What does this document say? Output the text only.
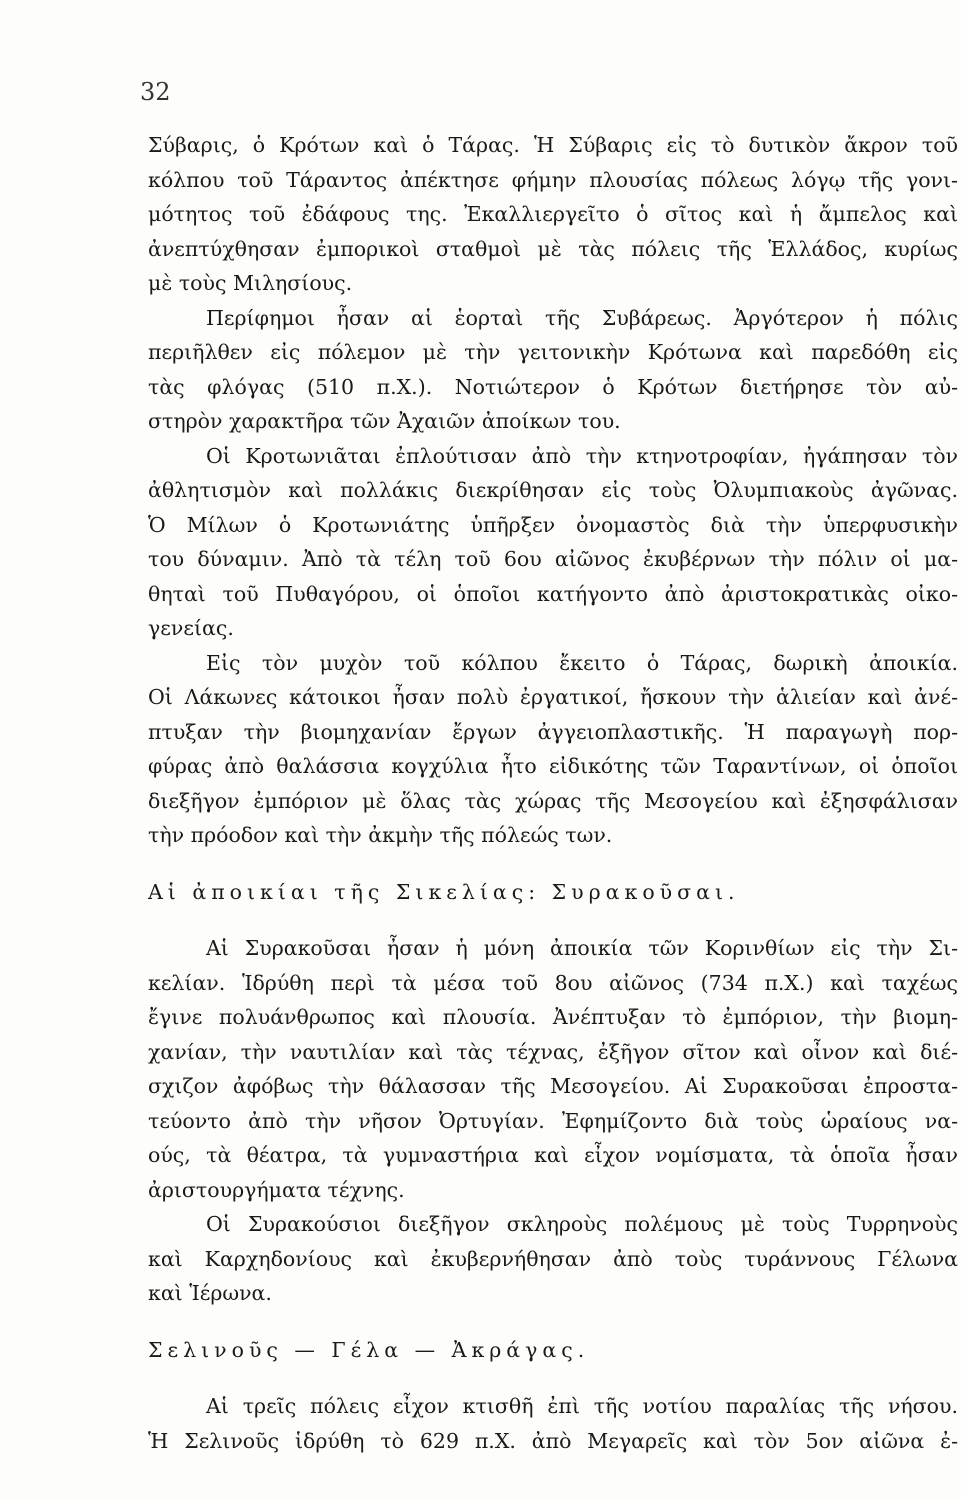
32
Σύβαρις, ὁ Κρότων καὶ ὁ Τάρας. Ἡ Σύβαρις εἰς τὸ δυτικὸν ἄκρον τοῦ
κόλπου τοῦ Τάραντος ἀπέκτησε φήμην πλουσίας πόλεως λόγῳ τῆς γονι-
μότητος τοῦ ἐδάφους της. Ἐκαλλιεργεῖτο ὁ σῖτος καὶ ἡ ἄμπελος καὶ
ἀνεπτύχθησαν ἐμπορικοὶ σταθμοὶ μὲ τὰς πόλεις τῆς Ἑλλάδος, κυρίως
μὲ τοὺς Μιλησίους.
Περίφημοι ἦσαν αἱ ἑορταὶ τῆς Συβάρεως. Ἀργότερον ἡ πόλις
περιῆλθεν εἰς πόλεμον μὲ τὴν γειτονικὴν Κρότωνα καὶ παρεδόθη εἰς
τὰς φλόγας (510 π.Χ.). Νοτιώτερον ὁ Κρότων διετήρησε τὸν αὐ-
στηρὸν χαρακτῆρα τῶν Ἀχαιῶν ἀποίκων του.
Οἱ Κροτωνιᾶται ἐπλούτισαν ἀπὸ τὴν κτηνοτροφίαν, ἠγάπησαν τὸν
ἀθλητισμὸν καὶ πολλάκις διεκρίθησαν εἰς τοὺς Ὀλυμπιακοὺς ἀγῶνας.
Ὁ Μίλων ὁ Κροτωνιάτης ὑπῆρξεν ὀνομαστὸς διὰ τὴν ὑπερφυσικὴν
του δύναμιν. Ἀπὸ τὰ τέλη τοῦ 6ου αἰῶνος ἐκυβέρνων τὴν πόλιν οἱ μα-
θηταὶ τοῦ Πυθαγόρου, οἱ ὁποῖοι κατήγοντο ἀπὸ ἀριστοκρατικὰς οἰκο-
γενείας.
Εἰς τὸν μυχὸν τοῦ κόλπου ἔκειτο ὁ Τάρας, δωρικὴ ἀποικία.
Οἱ Λάκωνες κάτοικοι ἦσαν πολὺ ἐργατικοί, ἤσκουν τὴν ἁλιείαν καὶ ἀνέ-
πτυξαν τὴν βιομηχανίαν ἔργων ἀγγειοπλαστικῆς. Ἡ παραγωγὴ πορ-
φύρας ἀπὸ θαλάσσια κογχύλια ἦτο εἰδικότης τῶν Ταραντίνων, οἱ ὁποῖοι
διεξῆγον ἐμπόριον μὲ ὅλας τὰς χώρας τῆς Μεσογείου καὶ ἐξησφάλισαν
τὴν πρόοδον καὶ τὴν ἀκμὴν τῆς πόλεώς των.
Αἱ ἀποικίαι τῆς Σικελίας: Συρακοῦσαι.
Αἱ Συρακοῦσαι ἦσαν ἡ μόνη ἀποικία τῶν Κορινθίων εἰς τὴν Σι-
κελίαν. Ἱδρύθη περὶ τὰ μέσα τοῦ 8ου αἰῶνος (734 π.Χ.) καὶ ταχέως
ἔγινε πολυάνθρωπος καὶ πλουσία. Ἀνέπτυξαν τὸ ἐμπόριον, τὴν βιομη-
χανίαν, τὴν ναυτιλίαν καὶ τὰς τέχνας, ἐξῆγον σῖτον καὶ οἶνον καὶ διέ-
σχιζον ἀφόβως τὴν θάλασσαν τῆς Μεσογείου. Αἱ Συρακοῦσαι ἐπροστα-
τεύοντο ἀπὸ τὴν νῆσον Ὀρτυγίαν. Ἐφημίζοντο διὰ τοὺς ὡραίους να-
ούς, τὰ θέατρα, τὰ γυμναστήρια καὶ εἶχον νομίσματα, τὰ ὁποῖα ἦσαν
ἀριστουργήματα τέχνης.
Οἱ Συρακούσιοι διεξῆγον σκληροὺς πολέμους μὲ τοὺς Τυρρηνοὺς
καὶ Καρχηδονίους καὶ ἐκυβερνήθησαν ἀπὸ τοὺς τυράννους Γέλωνα
καὶ Ἱέρωνα.
Σελινοῦς — Γέλα — Ἀκράγας.
Αἱ τρεῖς πόλεις εἶχον κτισθῆ ἐπὶ τῆς νοτίου παραλίας τῆς νήσου.
Ἡ Σελινοῦς ἱδρύθη τὸ 629 π.Χ. ἀπὸ Μεγαρεῖς καὶ τὸν 5ον αἰῶνα ἐ-
